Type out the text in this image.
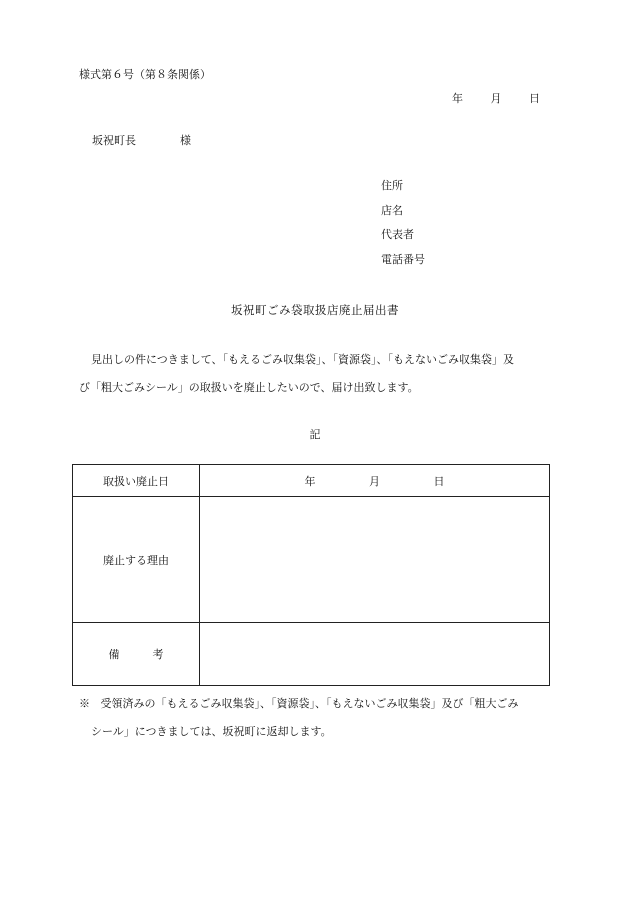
様式第６号（第８条関係）
年	月	日
坂祝町長	様
住所
店名
代表者
電話番号
坂祝町ごみ袋取扱店廃止届出書
見出しの件につきまして、「もえるごみ収集袋」、「資源袋」、「もえないごみ収集袋」及
び「粗大ごみシール」の取扱いを廃止したいので、届け出致します。
記
取扱い廃止日	年 月 日
廃止する理由	
備　　　考	
※ 受領済みの「もえるごみ収集袋」、「資源袋」、「もえないごみ収集袋」及び「粗大ごみ
シール」につきましては、坂祝町に返却します。
